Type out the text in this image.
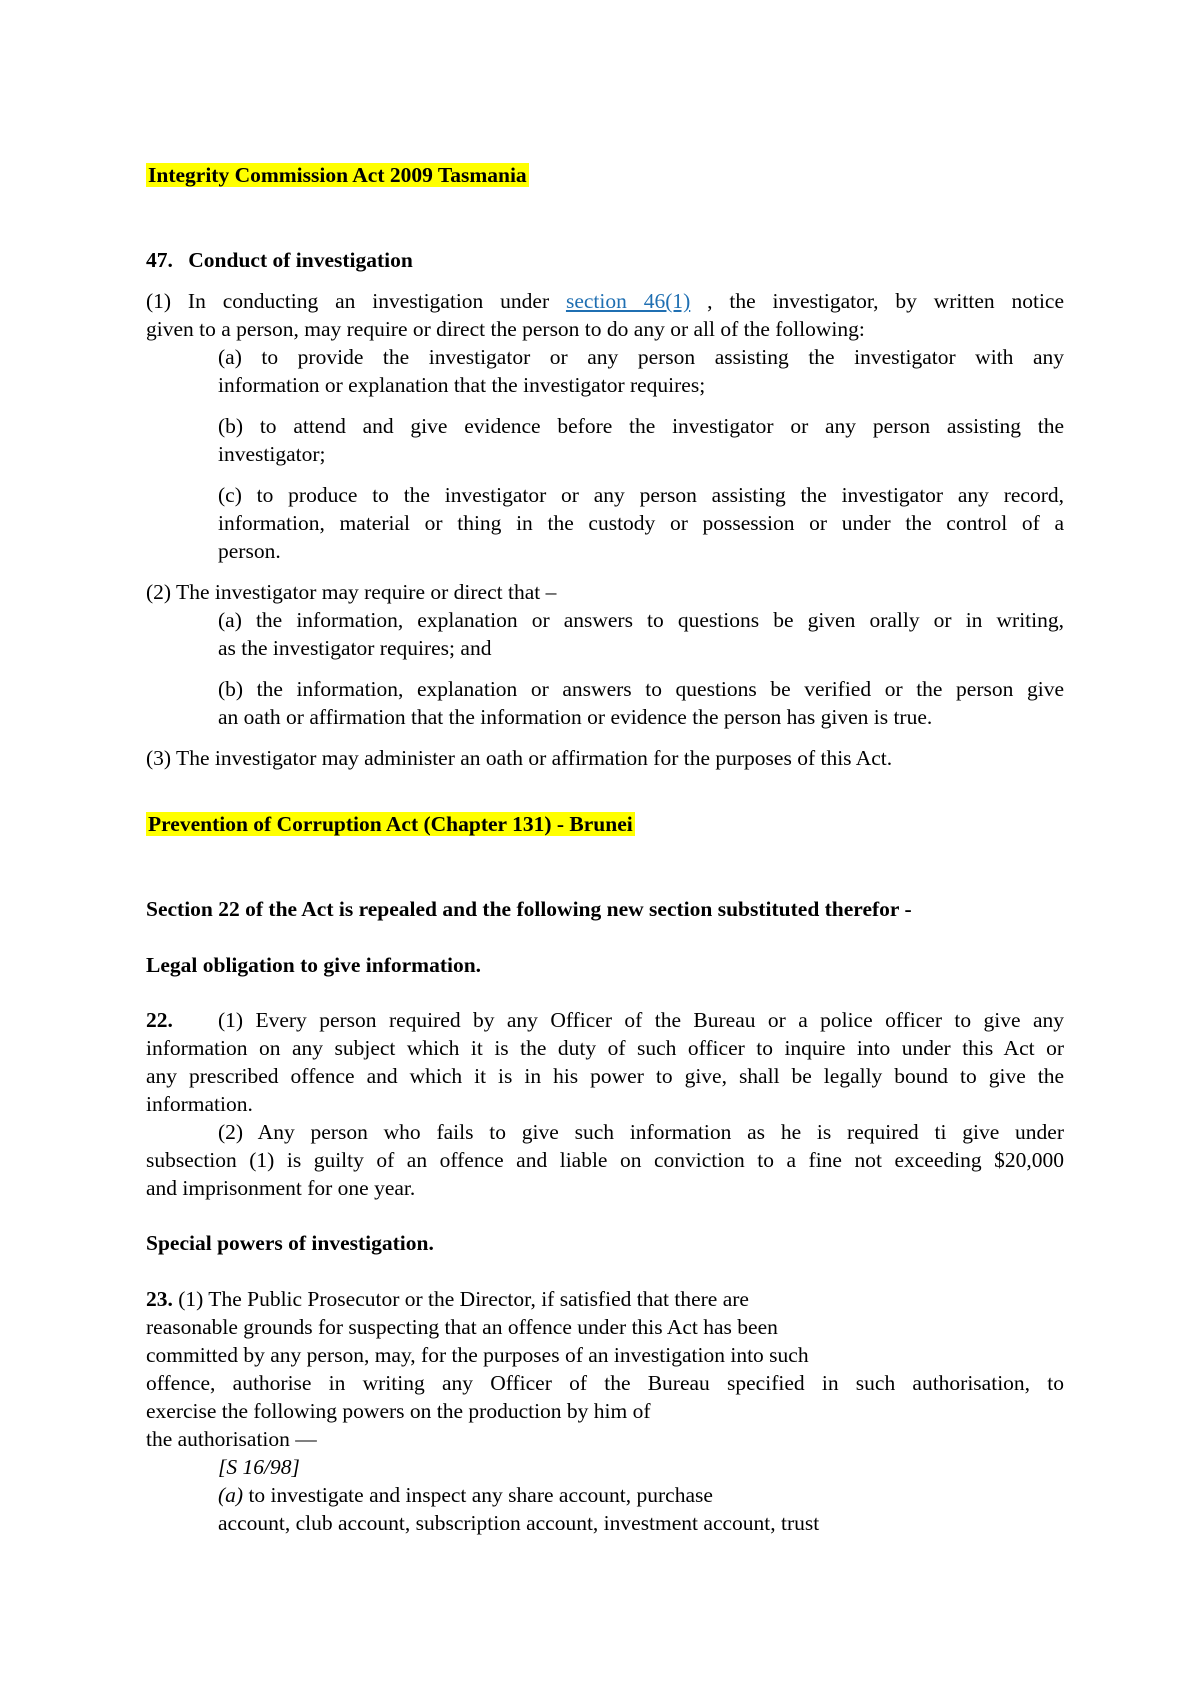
Integrity Commission Act 2009 Tasmania
47. Conduct of investigation
(1) In conducting an investigation under section 46(1) , the investigator, by written notice
given to a person, may require or direct the person to do any or all of the following:
(a) to provide the investigator or any person assisting the investigator with any
information or explanation that the investigator requires;
(b) to attend and give evidence before the investigator or any person assisting the
investigator;
(c) to produce to the investigator or any person assisting the investigator any record,
information, material or thing in the custody or possession or under the control of a
person.
(2) The investigator may require or direct that –
(a) the information, explanation or answers to questions be given orally or in writing,
as the investigator requires; and
(b) the information, explanation or answers to questions be verified or the person give
an oath or affirmation that the information or evidence the person has given is true.
(3) The investigator may administer an oath or affirmation for the purposes of this Act.
Prevention of Corruption Act (Chapter 131) - Brunei
Section 22 of the Act is repealed and the following new section substituted therefor -
Legal obligation to give information.
22. (1) Every person required by any Officer of the Bureau or a police officer to give any
information on any subject which it is the duty of such officer to inquire into under this Act or
any prescribed offence and which it is in his power to give, shall be legally bound to give the
information.
(2) Any person who fails to give such information as he is required ti give under
subsection (1) is guilty of an offence and liable on conviction to a fine not exceeding $20,000
and imprisonment for one year.
Special powers of investigation.
23. (1) The Public Prosecutor or the Director, if satisfied that there are
reasonable grounds for suspecting that an offence under this Act has been
committed by any person, may, for the purposes of an investigation into such
offence, authorise in writing any Officer of the Bureau specified in such authorisation, to
exercise the following powers on the production by him of
the authorisation —
[S 16/98]
(a) to investigate and inspect any share account, purchase
account, club account, subscription account, investment account, trust
